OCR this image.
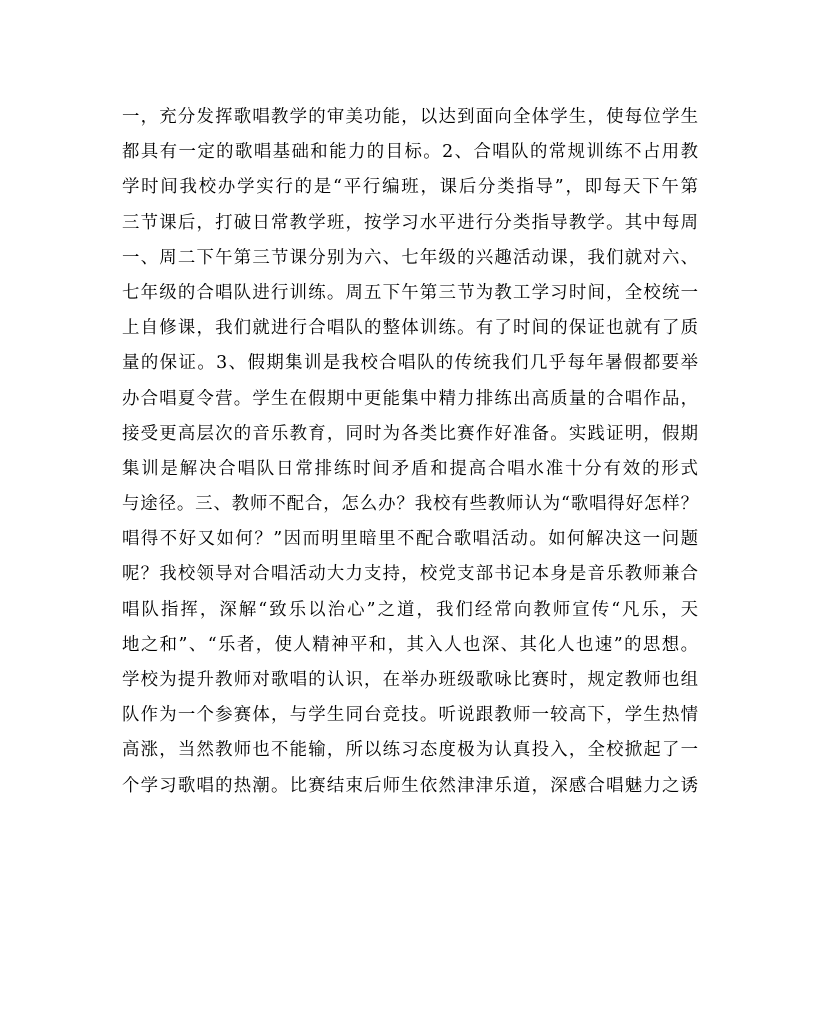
一，充分发挥歌唱教学的审美功能，以达到面向全体学生，使每位学生
都具有一定的歌唱基础和能力的目标。2、合唱队的常规训练不占用教
学时间我校办学实行的是“平行编班，课后分类指导”，即每天下午第
三节课后，打破日常教学班，按学习水平进行分类指导教学。其中每周
一、周二下午第三节课分别为六、七年级的兴趣活动课，我们就对六、
七年级的合唱队进行训练。周五下午第三节为教工学习时间，全校统一
上自修课，我们就进行合唱队的整体训练。有了时间的保证也就有了质
量的保证。3、假期集训是我校合唱队的传统我们几乎每年暑假都要举
办合唱夏令营。学生在假期中更能集中精力排练出高质量的合唱作品，
接受更高层次的音乐教育，同时为各类比赛作好准备。实践证明，假期
集训是解决合唱队日常排练时间矛盾和提高合唱水准十分有效的形式
与途径。三、教师不配合，怎么办？我校有些教师认为“歌唱得好怎样？
唱得不好又如何？”因而明里暗里不配合歌唱活动。如何解决这一问题
呢？我校领导对合唱活动大力支持，校党支部书记本身是音乐教师兼合
唱队指挥，深解“致乐以治心”之道，我们经常向教师宣传“凡乐，天
地之和”、“乐者，使人精神平和，其入人也深、其化人也速”的思想。
学校为提升教师对歌唱的认识，在举办班级歌咏比赛时，规定教师也组
队作为一个参赛体，与学生同台竞技。听说跟教师一较高下，学生热情
高涨，当然教师也不能输，所以练习态度极为认真投入，全校掀起了一
个学习歌唱的热潮。比赛结束后师生依然津津乐道，深感合唱魅力之诱
